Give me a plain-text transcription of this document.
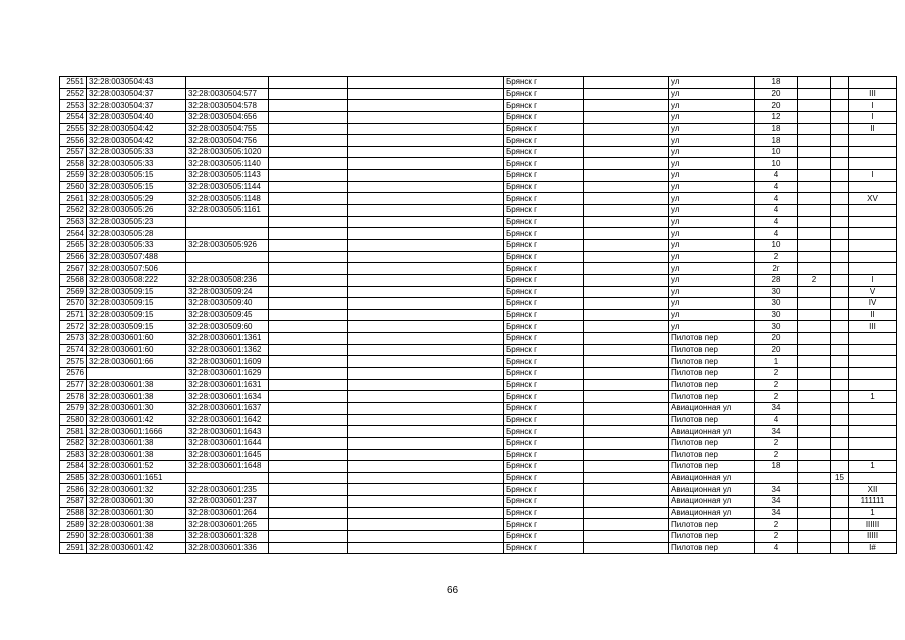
2551	32:28:0030504:43				Брянск г		ул	18			
2552	32:28:0030504:37	32:28:0030504:577			Брянск г		ул	20			III
2553	32:28:0030504:37	32:28:0030504:578			Брянск г		ул	20			I
2554	32:28:0030504:40	32:28:0030504:656			Брянск г		ул	12			I
2555	32:28:0030504:42	32:28:0030504:755			Брянск г		ул	18			II
2556	32:28:0030504:42	32:28:0030504:756			Брянск г		ул	18			
2557	32:28:0030505:33	32:28:0030505:1020			Брянск г		ул	10			
2558	32:28:0030505:33	32:28:0030505:1140			Брянск г		ул	10			
2559	32:28:0030505:15	32:28:0030505:1143			Брянск г		ул	4			I
2560	32:28:0030505:15	32:28:0030505:1144			Брянск г		ул	4			
2561	32:28:0030505:29	32:28:0030505:1148			Брянск г		ул	4			XV
2562	32:28:0030505:26	32:28:0030505:1161			Брянск г		ул	4			
2563	32:28:0030505:23				Брянск г		ул	4			
2564	32:28:0030505:28				Брянск г		ул	4			
2565	32:28:0030505:33	32:28:0030505:926			Брянск г		ул	10			
2566	32:28:0030507:488				Брянск г		ул	2			
2567	32:28:0030507:506				Брянск г		ул	2г			
2568	32:28:0030508:222	32:28:0030508:236			Брянск г		ул	28	2		I
2569	32:28:0030509:15	32:28:0030509:24			Брянск г		ул	30			V
2570	32:28:0030509:15	32:28:0030509:40			Брянск г		ул	30			IV
2571	32:28:0030509:15	32:28:0030509:45			Брянск г		ул	30			II
2572	32:28:0030509:15	32:28:0030509:60			Брянск г		ул	30			III
2573	32:28:0030601:60	32:28:0030601:1361			Брянск г		Пилотов пер	20			
2574	32:28:0030601:60	32:28:0030601:1362			Брянск г		Пилотов пер	20			
2575	32:28:0030601:66	32:28:0030601:1609			Брянск г		Пилотов пер	1			
2576		32:28:0030601:1629			Брянск г		Пилотов пер	2			
2577	32:28:0030601:38	32:28:0030601:1631			Брянск г		Пилотов пер	2			
2578	32:28:0030601:38	32:28:0030601:1634			Брянск г		Пилотов пер	2			1
2579	32:28:0030601:30	32:28:0030601:1637			Брянск г		Авиационная ул	34			
2580	32:28:0030601:42	32:28:0030601:1642			Брянск г		Пилотов пер	4			
2581	32:28:0030601:1666	32:28:0030601:1643			Брянск г		Авиационная ул	34			
2582	32:28:0030601:38	32:28:0030601:1644			Брянск г		Пилотов пер	2			
2583	32:28:0030601:38	32:28:0030601:1645			Брянск г		Пилотов пер	2			
2584	32:28:0030601:52	32:28:0030601:1648			Брянск г		Пилотов пер	18			1
2585	32:28:0030601:1651				Брянск г		Авиационная ул			15	
2586	32:28:0030601:32	32:28:0030601:235			Брянск г		Авиационная ул	34			XII
2587	32:28:0030601:30	32:28:0030601:237			Брянск г		Авиационная ул	34			111111
2588	32:28:0030601:30	32:28:0030601:264			Брянск г		Авиационная ул	34			1
2589	32:28:0030601:38	32:28:0030601:265			Брянск г		Пилотов пер	2			IIIIII
2590	32:28:0030601:38	32:28:0030601:328			Брянск г		Пилотов пер	2			IIIII
2591	32:28:0030601:42	32:28:0030601:336			Брянск г		Пилотов пер	4			I#
66
